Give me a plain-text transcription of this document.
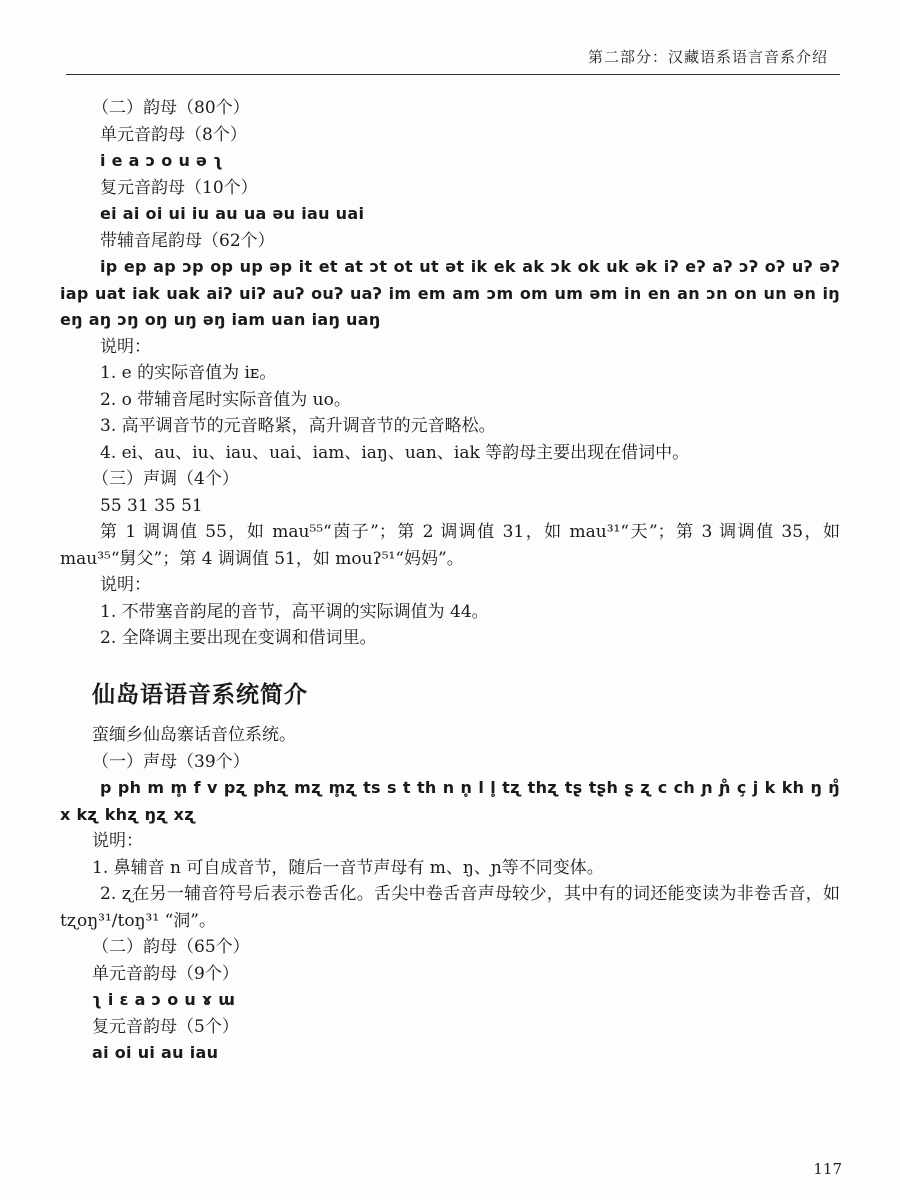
第二部分：汉藏语系语言音系介绍

（二）韵母（80个）

单元音韵母（8个）

i e a ɔ o u ə ʅ

复元音韵母（10个）

ei ai oi ui iu au ua əu iau uai

带辅音尾韵母（62个）

ip ep ap ɔp op up əp it et at ɔt ot ut ət ik ek ak ɔk ok uk ək iʔ eʔ aʔ ɔʔ oʔ uʔ əʔ iap uat iak uak aiʔ uiʔ auʔ ouʔ uaʔ im em am ɔm om um əm in en an ɔn on un ən iŋ eŋ aŋ ɔŋ oŋ uŋ əŋ iam uan iaŋ uaŋ

说明：

1. e 的实际音值为 iᴇ。

2. o 带辅音尾时实际音值为 uo。

3. 高平调音节的元音略紧，高升调音节的元音略松。

4. ei、au、iu、iau、uai、iam、iaŋ、uan、iak 等韵母主要出现在借词中。

（三）声调（4个）

55 31 35 51

第 1 调调值 55，如 mau⁵⁵“茵子”；第 2 调调值 31，如 mau³¹“天”；第 3 调调值 35，如 mau³⁵“舅父”；第 4 调调值 51，如 mouʔ⁵¹“妈妈”。

说明：

1. 不带塞音韵尾的音节，高平调的实际调值为 44。

2. 全降调主要出现在变调和借词里。

仙岛语语音系统简介

蛮缅乡仙岛寨话音位系统。

（一）声母（39个）

p ph m m̥ f v pʐ phʐ mʐ m̥ʐ ts s t th n n̥ l l̥ tʐ thʐ tʂ tʂh ʂ ʐ c ch ɲ ɲ̊ ç j k kh ŋ ŋ̊ x kʐ khʐ ŋʐ xʐ

说明：

1. 鼻辅音 n 可自成音节，随后一音节声母有 m、ŋ、ɲ等不同变体。

2. ʐ在另一辅音符号后表示卷舌化。舌尖中卷舌音声母较少，其中有的词还能变读为非卷舌音，如 tʐoŋ³¹/toŋ³¹ “洞”。

（二）韵母（65个）

单元音韵母（9个）

ʅ i ɛ a ɔ o u ɤ ɯ

复元音韵母（5个）

ai oi ui au iau

117
